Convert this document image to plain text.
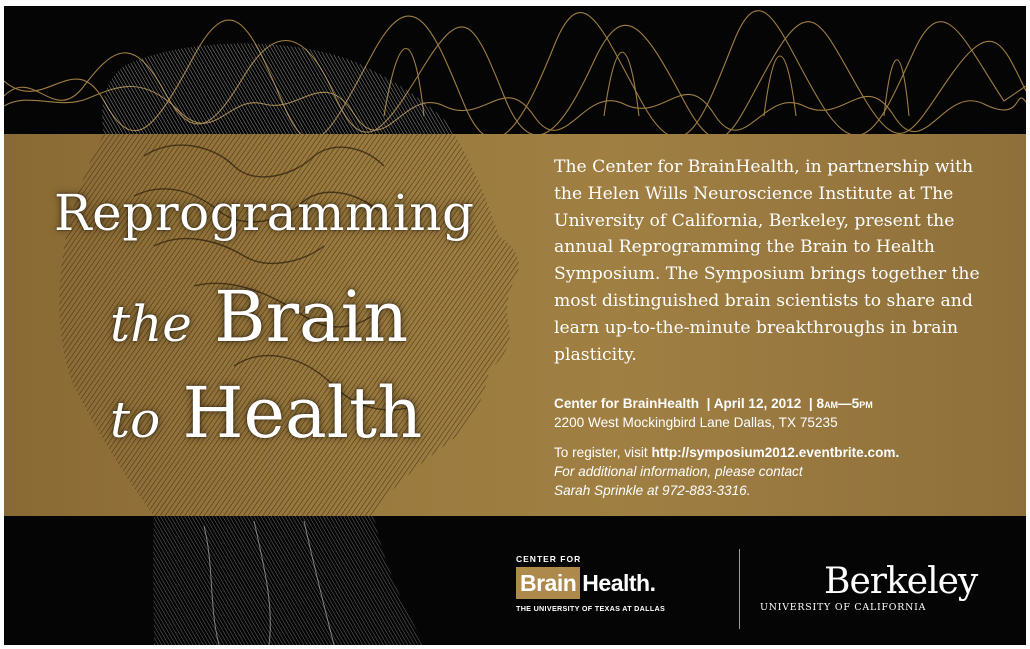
Reprogramming
the Brain
to Health

The Center for BrainHealth, in partnership with the Helen Wills Neuroscience Institute at The University of California, Berkeley, present the annual Reprogramming the Brain to Health Symposium. The Symposium brings together the most distinguished brain scientists to share and learn up-to-the-minute breakthroughs in brain plasticity.

Center for BrainHealth | April 12, 2012 | 8AM—5PM
2200 West Mockingbird Lane Dallas, TX 75235
To register, visit http://symposium2012.eventbrite.com.
For additional information, please contact
Sarah Sprinkle at 972-883-3316.
CENTER FOR
Brain Health.
THE UNIVERSITY OF TEXAS AT DALLAS
Berkeley
UNIVERSITY OF CALIFORNIA
